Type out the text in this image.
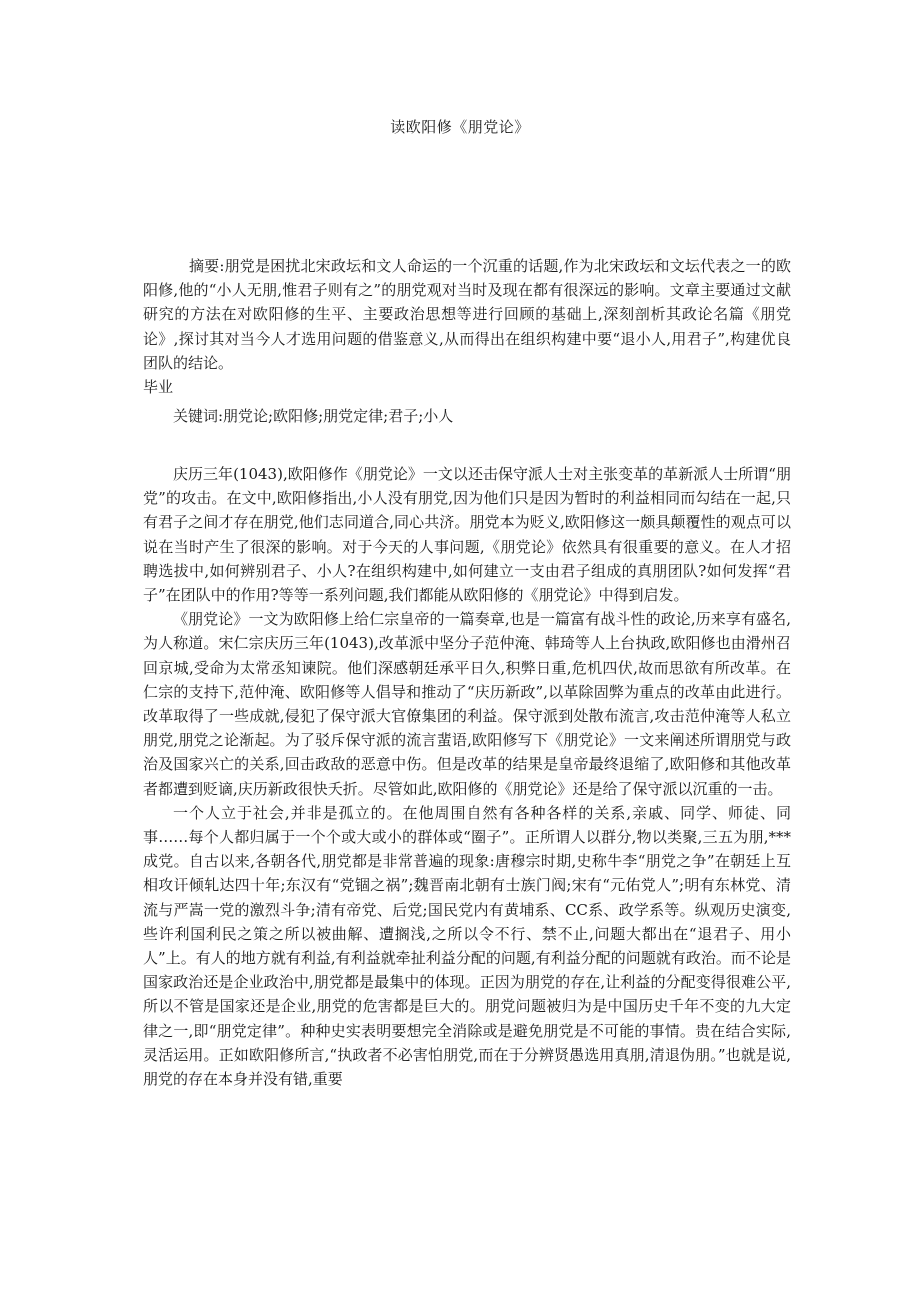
读欧阳修《朋党论》

摘要:朋党是困扰北宋政坛和文人命运的一个沉重的话题,作为北宋政坛和文坛代表之一的欧阳修,他的“小人无朋,惟君子则有之”的朋党观对当时及现在都有很深远的影响。文章主要通过文献研究的方法在对欧阳修的生平、主要政治思想等进行回顾的基础上,深刻剖析其政论名篇《朋党论》,探讨其对当今人才选用问题的借鉴意义,从而得出在组织构建中要“退小人,用君子”,构建优良团队的结论。

毕业
关键词:朋党论;欧阳修;朋党定律;君子;小人

庆历三年(1043),欧阳修作《朋党论》一文以还击保守派人士对主张变革的革新派人士所谓“朋党”的攻击。在文中,欧阳修指出,小人没有朋党,因为他们只是因为暂时的利益相同而勾结在一起,只有君子之间才存在朋党,他们志同道合,同心共济。朋党本为贬义,欧阳修这一颇具颠覆性的观点可以说在当时产生了很深的影响。对于今天的人事问题,《朋党论》依然具有很重要的意义。在人才招聘选拔中,如何辨别君子、小人?在组织构建中,如何建立一支由君子组成的真朋团队?如何发挥“君子”在团队中的作用?等等一系列问题,我们都能从欧阳修的《朋党论》中得到启发。

《朋党论》一文为欧阳修上给仁宗皇帝的一篇奏章,也是一篇富有战斗性的政论,历来享有盛名,为人称道。宋仁宗庆历三年(1043),改革派中坚分子范仲淹、韩琦等人上台执政,欧阳修也由滑州召回京城,受命为太常丞知谏院。他们深感朝廷承平日久,积弊日重,危机四伏,故而思欲有所改革。在仁宗的支持下,范仲淹、欧阳修等人倡导和推动了“庆历新政”,以革除固弊为重点的改革由此进行。改革取得了一些成就,侵犯了保守派大官僚集团的利益。保守派到处散布流言,攻击范仲淹等人私立朋党,朋党之论渐起。为了驳斥保守派的流言蜚语,欧阳修写下《朋党论》一文来阐述所谓朋党与政治及国家兴亡的关系,回击政敌的恶意中伤。但是改革的结果是皇帝最终退缩了,欧阳修和其他改革者都遭到贬谪,庆历新政很快夭折。尽管如此,欧阳修的《朋党论》还是给了保守派以沉重的一击。

一个人立于社会,并非是孤立的。在他周围自然有各种各样的关系,亲戚、同学、师徒、同事……每个人都归属于一个个或大或小的群体或“圈子”。正所谓人以群分,物以类聚,三五为朋,***成党。自古以来,各朝各代,朋党都是非常普遍的现象:唐穆宗时期,史称牛李“朋党之争”在朝廷上互相攻讦倾轧达四十年;东汉有“党锢之祸”;魏晋南北朝有士族门阀;宋有“元佑党人”;明有东林党、清流与严嵩一党的激烈斗争;清有帝党、后党;国民党内有黄埔系、CC系、政学系等。纵观历史演变,些许利国利民之策之所以被曲解、遭搁浅,之所以令不行、禁不止,问题大都出在“退君子、用小人”上。有人的地方就有利益,有利益就牵扯利益分配的问题,有利益分配的问题就有政治。而不论是国家政治还是企业政治中,朋党都是最集中的体现。正因为朋党的存在,让利益的分配变得很难公平,所以不管是国家还是企业,朋党的危害都是巨大的。朋党问题被归为是中国历史千年不变的九大定律之一,即“朋党定律”。种种史实表明要想完全消除或是避免朋党是不可能的事情。贵在结合实际,灵活运用。正如欧阳修所言,“执政者不必害怕朋党,而在于分辨贤愚选用真朋,清退伪朋。”也就是说,朋党的存在本身并没有错,重要
